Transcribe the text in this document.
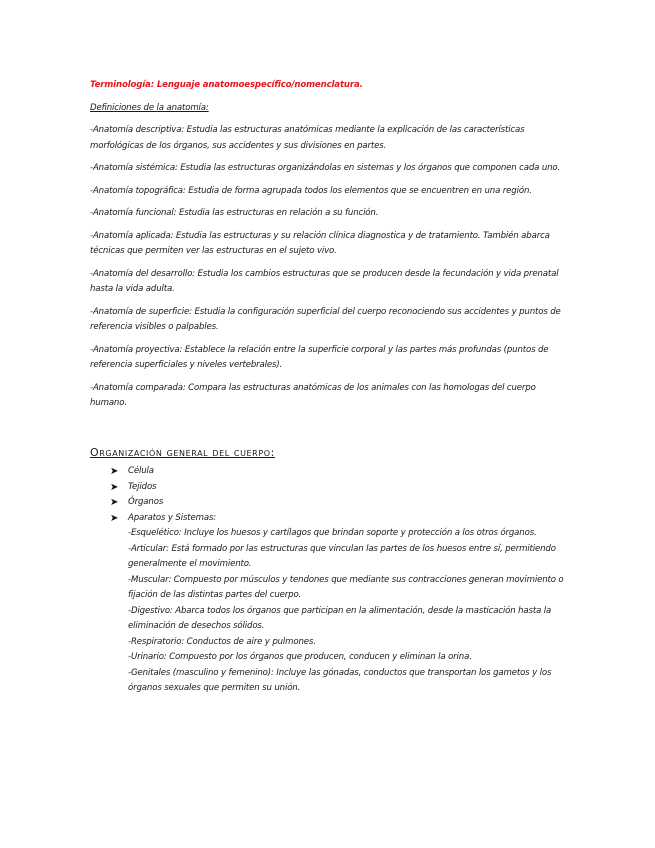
Terminología: Lenguaje anatomoespecífico/nomenclatura.

Definiciones de la anatomía:

-Anatomía descriptiva: Estudia las estructuras anatómicas mediante la explicación de las características morfológicas de los órganos, sus accidentes y sus divisiones en partes.

-Anatomía sistémica: Estudia las estructuras organizándolas en sistemas y los órganos que componen cada uno.

-Anatomía topográfica: Estudia de forma agrupada todos los elementos que se encuentren en una región.

-Anatomía funcional: Estudia las estructuras en relación a su función.

-Anatomía aplicada: Estudia las estructuras y su relación clínica diagnostica y de tratamiento. También abarca técnicas que permiten ver las estructuras en el sujeto vivo.

-Anatomía del desarrollo: Estudia los cambios estructuras que se producen desde la fecundación y vida prenatal hasta la vida adulta.

-Anatomía de superficie: Estudia la configuración superficial del cuerpo reconociendo sus accidentes y puntos de referencia visibles o palpables.

-Anatomía proyectiva: Establece la relación entre la superficie corporal y las partes más profundas (puntos de referencia superficiales y niveles vertebrales).

-Anatomía comparada: Compara las estructuras anatómicas de los animales con las homologas del cuerpo humano.

Organización general del cuerpo:

➤ Célula
➤ Tejidos
➤ Órganos
➤ Aparatos y Sistemas:

-Esquelético: Incluye los huesos y cartílagos que brindan soporte y protección a los otros órganos.

-Articular: Está formado por las estructuras que vinculan las partes de los huesos entre sí, permitiendo generalmente el movimiento.

-Muscular: Compuesto por músculos y tendones que mediante sus contracciones generan movimiento o fijación de las distintas partes del cuerpo.

-Digestivo: Abarca todos los órganos que participan en la alimentación, desde la masticación hasta la eliminación de desechos sólidos.

-Respiratorio: Conductos de aire y pulmones.

-Urinario: Compuesto por los órganos que producen, conducen y eliminan la orina.

-Genitales (masculino y femenino): Incluye las gónadas, conductos que transportan los gametos y los órganos sexuales que permiten su unión.
